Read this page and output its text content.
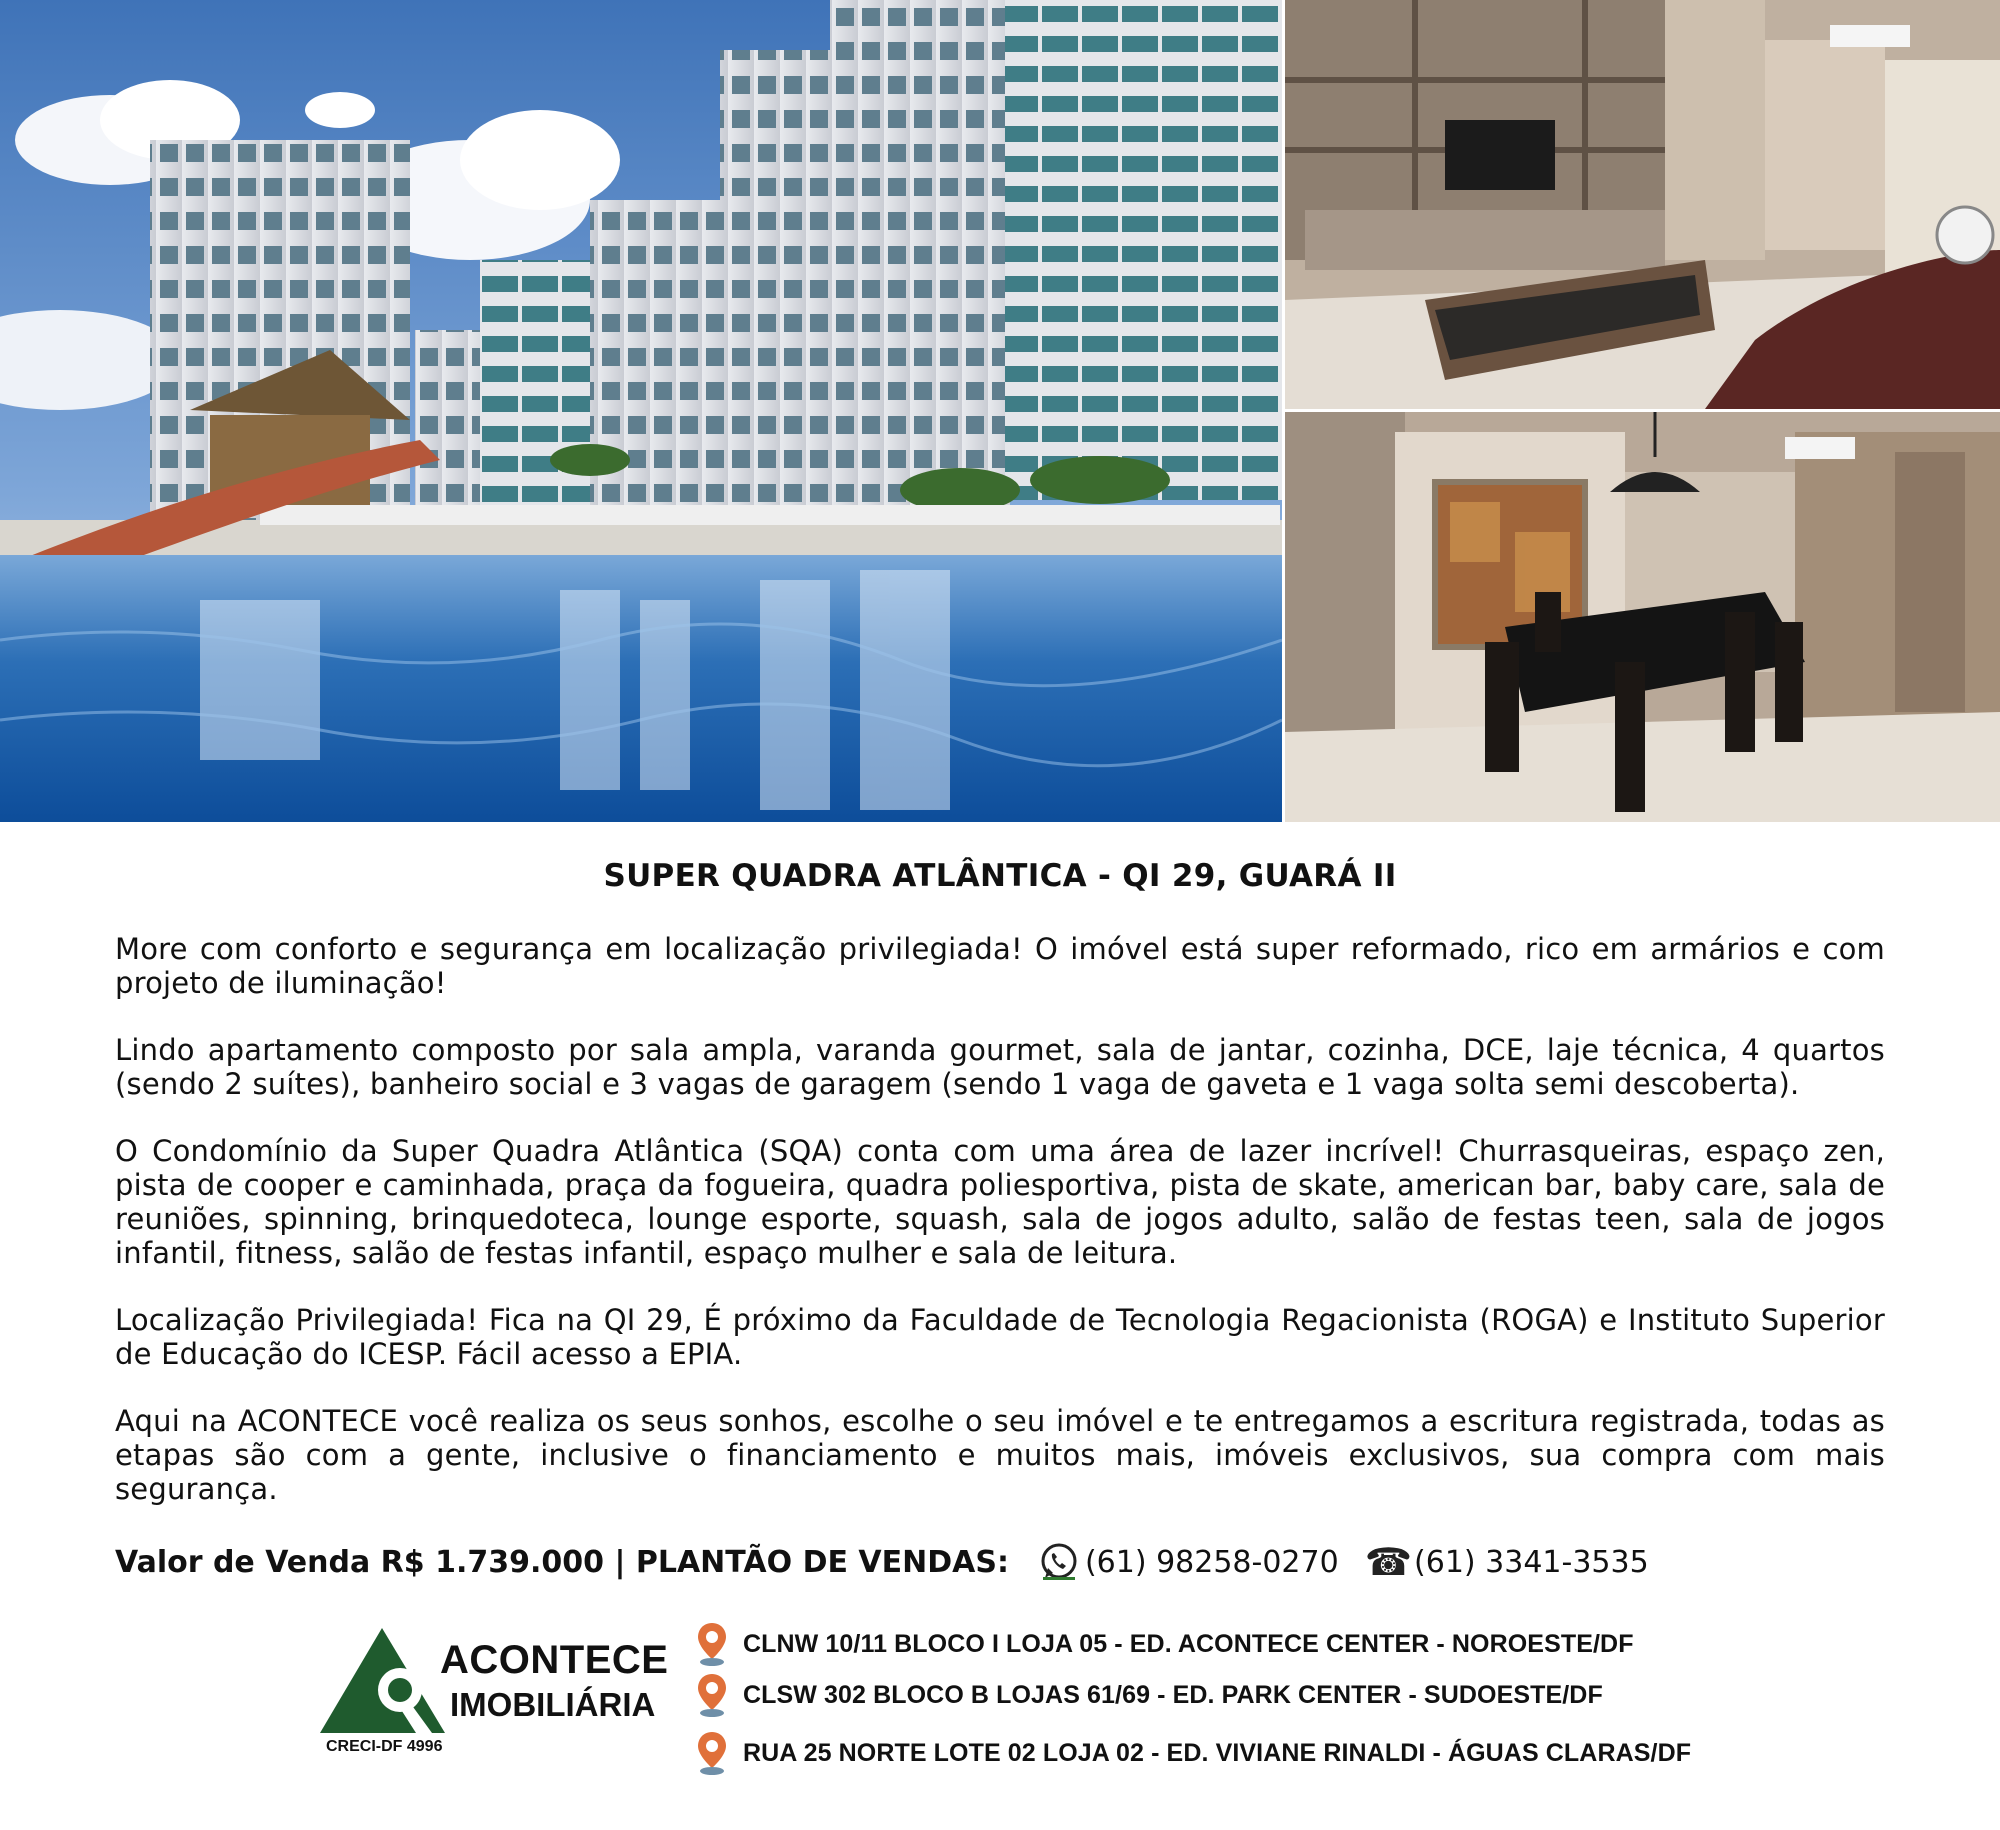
SUPER QUADRA ATLÂNTICA - QI 29, GUARÁ II

More com conforto e segurança em localização privilegiada! O imóvel está super reformado, rico em armários e com projeto de iluminação!

Lindo apartamento composto por sala ampla, varanda gourmet, sala de jantar, cozinha, DCE, laje técnica, 4 quartos (sendo 2 suítes), banheiro social e 3 vagas de garagem (sendo 1 vaga de gaveta e 1 vaga solta semi descoberta).

O Condomínio da Super Quadra Atlântica (SQA) conta com uma área de lazer incrível! Churrasqueiras, espaço zen, pista de cooper e caminhada, praça da fogueira, quadra poliesportiva, pista de skate, american bar, baby care, sala de reuniões, spinning, brinquedoteca, lounge esporte, squash, sala de jogos adulto, salão de festas teen, sala de jogos infantil, fitness, salão de festas infantil, espaço mulher e sala de leitura.

Localização Privilegiada! Fica na QI 29, É próximo da Faculdade de Tecnologia Regacionista (ROGA) e Instituto Superior de Educação do ICESP. Fácil acesso a EPIA.

Aqui na ACONTECE você realiza os seus sonhos, escolhe o seu imóvel e te entregamos a escritura registrada, todas as etapas são com a gente, inclusive o financiamento e muitos mais, imóveis exclusivos, sua compra com mais segurança.

Valor de Venda R$ 1.739.000 | PLANTÃO DE VENDAS:	(61) 98258-0270 ☎ (61) 3341-3535
ACONTECE
IMOBILIÁRIA
CRECI-DF 4996
CLNW 10/11 BLOCO I LOJA 05 - ED. ACONTECE CENTER - NOROESTE/DF
CLSW 302 BLOCO B LOJAS 61/69 - ED. PARK CENTER - SUDOESTE/DF
RUA 25 NORTE LOTE 02 LOJA 02 - ED. VIVIANE RINALDI - ÁGUAS CLARAS/DF
